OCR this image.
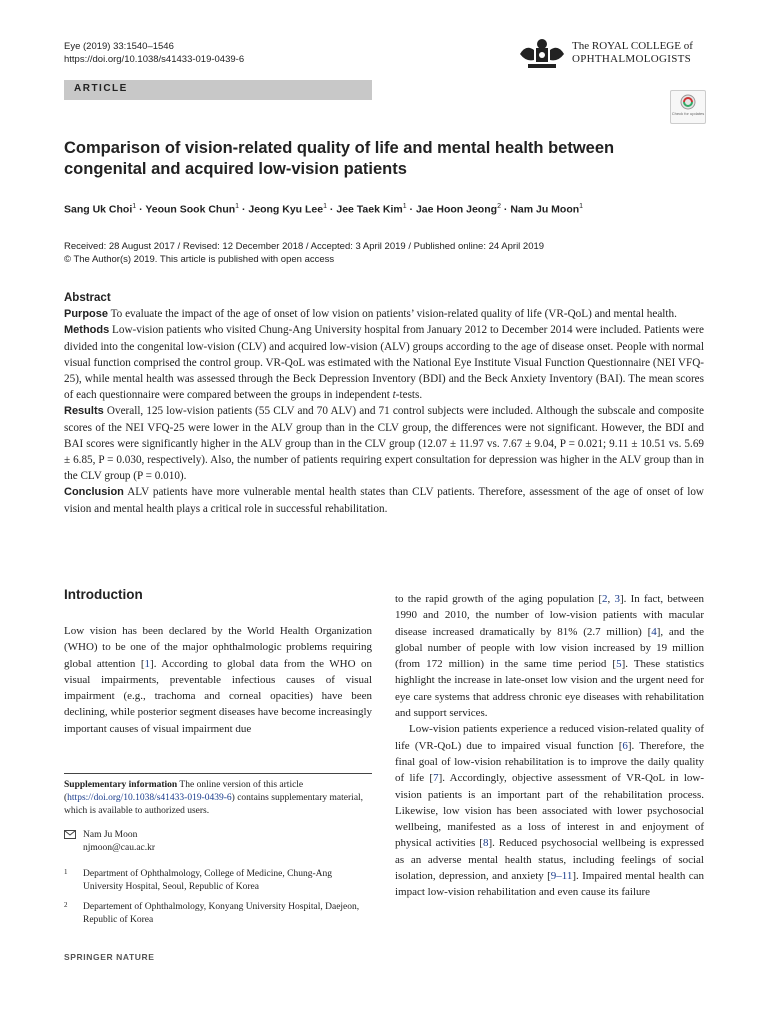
Eye (2019) 33:1540–1546
https://doi.org/10.1038/s41433-019-0439-6
The ROYAL COLLEGE of
OPHTHALMOLOGISTS
ARTICLE
Check for updates
Comparison of vision-related quality of life and mental health between congenital and acquired low-vision patients
Sang Uk Choi$^1$ · Yeoun Sook Chun$^1$ · Jeong Kyu Lee$^1$ · Jee Taek Kim$^1$ · Jae Hoon Jeong$^2$ · Nam Ju Moon$^1$
Received: 28 August 2017 / Revised: 12 December 2018 / Accepted: 3 April 2019 / Published online: 24 April 2019
© The Author(s) 2019. This article is published with open access
Abstract

Purpose To evaluate the impact of the age of onset of low vision on patients’ vision-related quality of life (VR-QoL) and mental health.

Methods Low-vision patients who visited Chung-Ang University hospital from January 2012 to December 2014 were included. Patients were divided into the congenital low-vision (CLV) and acquired low-vision (ALV) groups according to the age of disease onset. People with normal visual function comprised the control group. VR-QoL was estimated with the National Eye Institute Visual Function Questionnaire (NEI VFQ-25), while mental health was assessed through the Beck Depression Inventory (BDI) and the Beck Anxiety Inventory (BAI). The mean scores of each questionnaire were compared between the groups in independent t-tests.

Results Overall, 125 low-vision patients (55 CLV and 70 ALV) and 71 control subjects were included. Although the subscale and composite scores of the NEI VFQ-25 were lower in the ALV group than in the CLV group, the differences were not significant. However, the BDI and BAI scores were significantly higher in the ALV group than in the CLV group (12.07 ± 11.97 vs. 7.67 ± 9.04, P = 0.021; 9.11 ± 10.51 vs. 5.69 ± 6.85, P = 0.030, respectively). Also, the number of patients requiring expert consultation for depression was higher in the ALV group than in the CLV group (P = 0.010).

Conclusion ALV patients have more vulnerable mental health states than CLV patients. Therefore, assessment of the age of onset of low vision and mental health plays a critical role in successful rehabilitation.

Introduction

Low vision has been declared by the World Health Organization (WHO) to be one of the major ophthalmologic problems requiring global attention [1]. According to global data from the WHO on visual impairments, preventable infectious causes of visual impairment (e.g., trachoma and corneal opacities) have been declining, while posterior segment diseases have become increasingly important causes of visual impairment due

to the rapid growth of the aging population [2, 3]. In fact, between 1990 and 2010, the number of low-vision patients with macular disease increased dramatically by 81% (2.7 million) [4], and the global number of people with low vision increased by 19 million (from 172 million) in the same time period [5]. These statistics highlight the increase in late-onset low vision and the urgent need for eye care systems that address chronic eye diseases with rehabilitation and support services.

Low-vision patients experience a reduced vision-related quality of life (VR-QoL) due to impaired visual function [6]. Therefore, the final goal of low-vision rehabilitation is to improve the daily quality of life [7]. Accordingly, objective assessment of VR-QoL in low-vision patients is an important part of the rehabilitation process. Likewise, low vision has been associated with lower psychosocial wellbeing, manifested as a loss of interest in and enjoyment of physical activities [8]. Reduced psychosocial wellbeing is expressed as an adverse mental health status, including feelings of social isolation, depression, and anxiety [9–11]. Impaired mental health can impact low-vision rehabilitation and even cause its failure

Supplementary information The online version of this article (https://doi.org/10.1038/s41433-019-0439-6) contains supplementary material, which is available to authorized users.
Nam Ju Moon
njmoon@cau.ac.kr
1 Department of Ophthalmology, College of Medicine, Chung-Ang University Hospital, Seoul, Republic of Korea
2 Departement of Ophthalmology, Konyang University Hospital, Daejeon, Republic of Korea
SPRINGER NATURE
